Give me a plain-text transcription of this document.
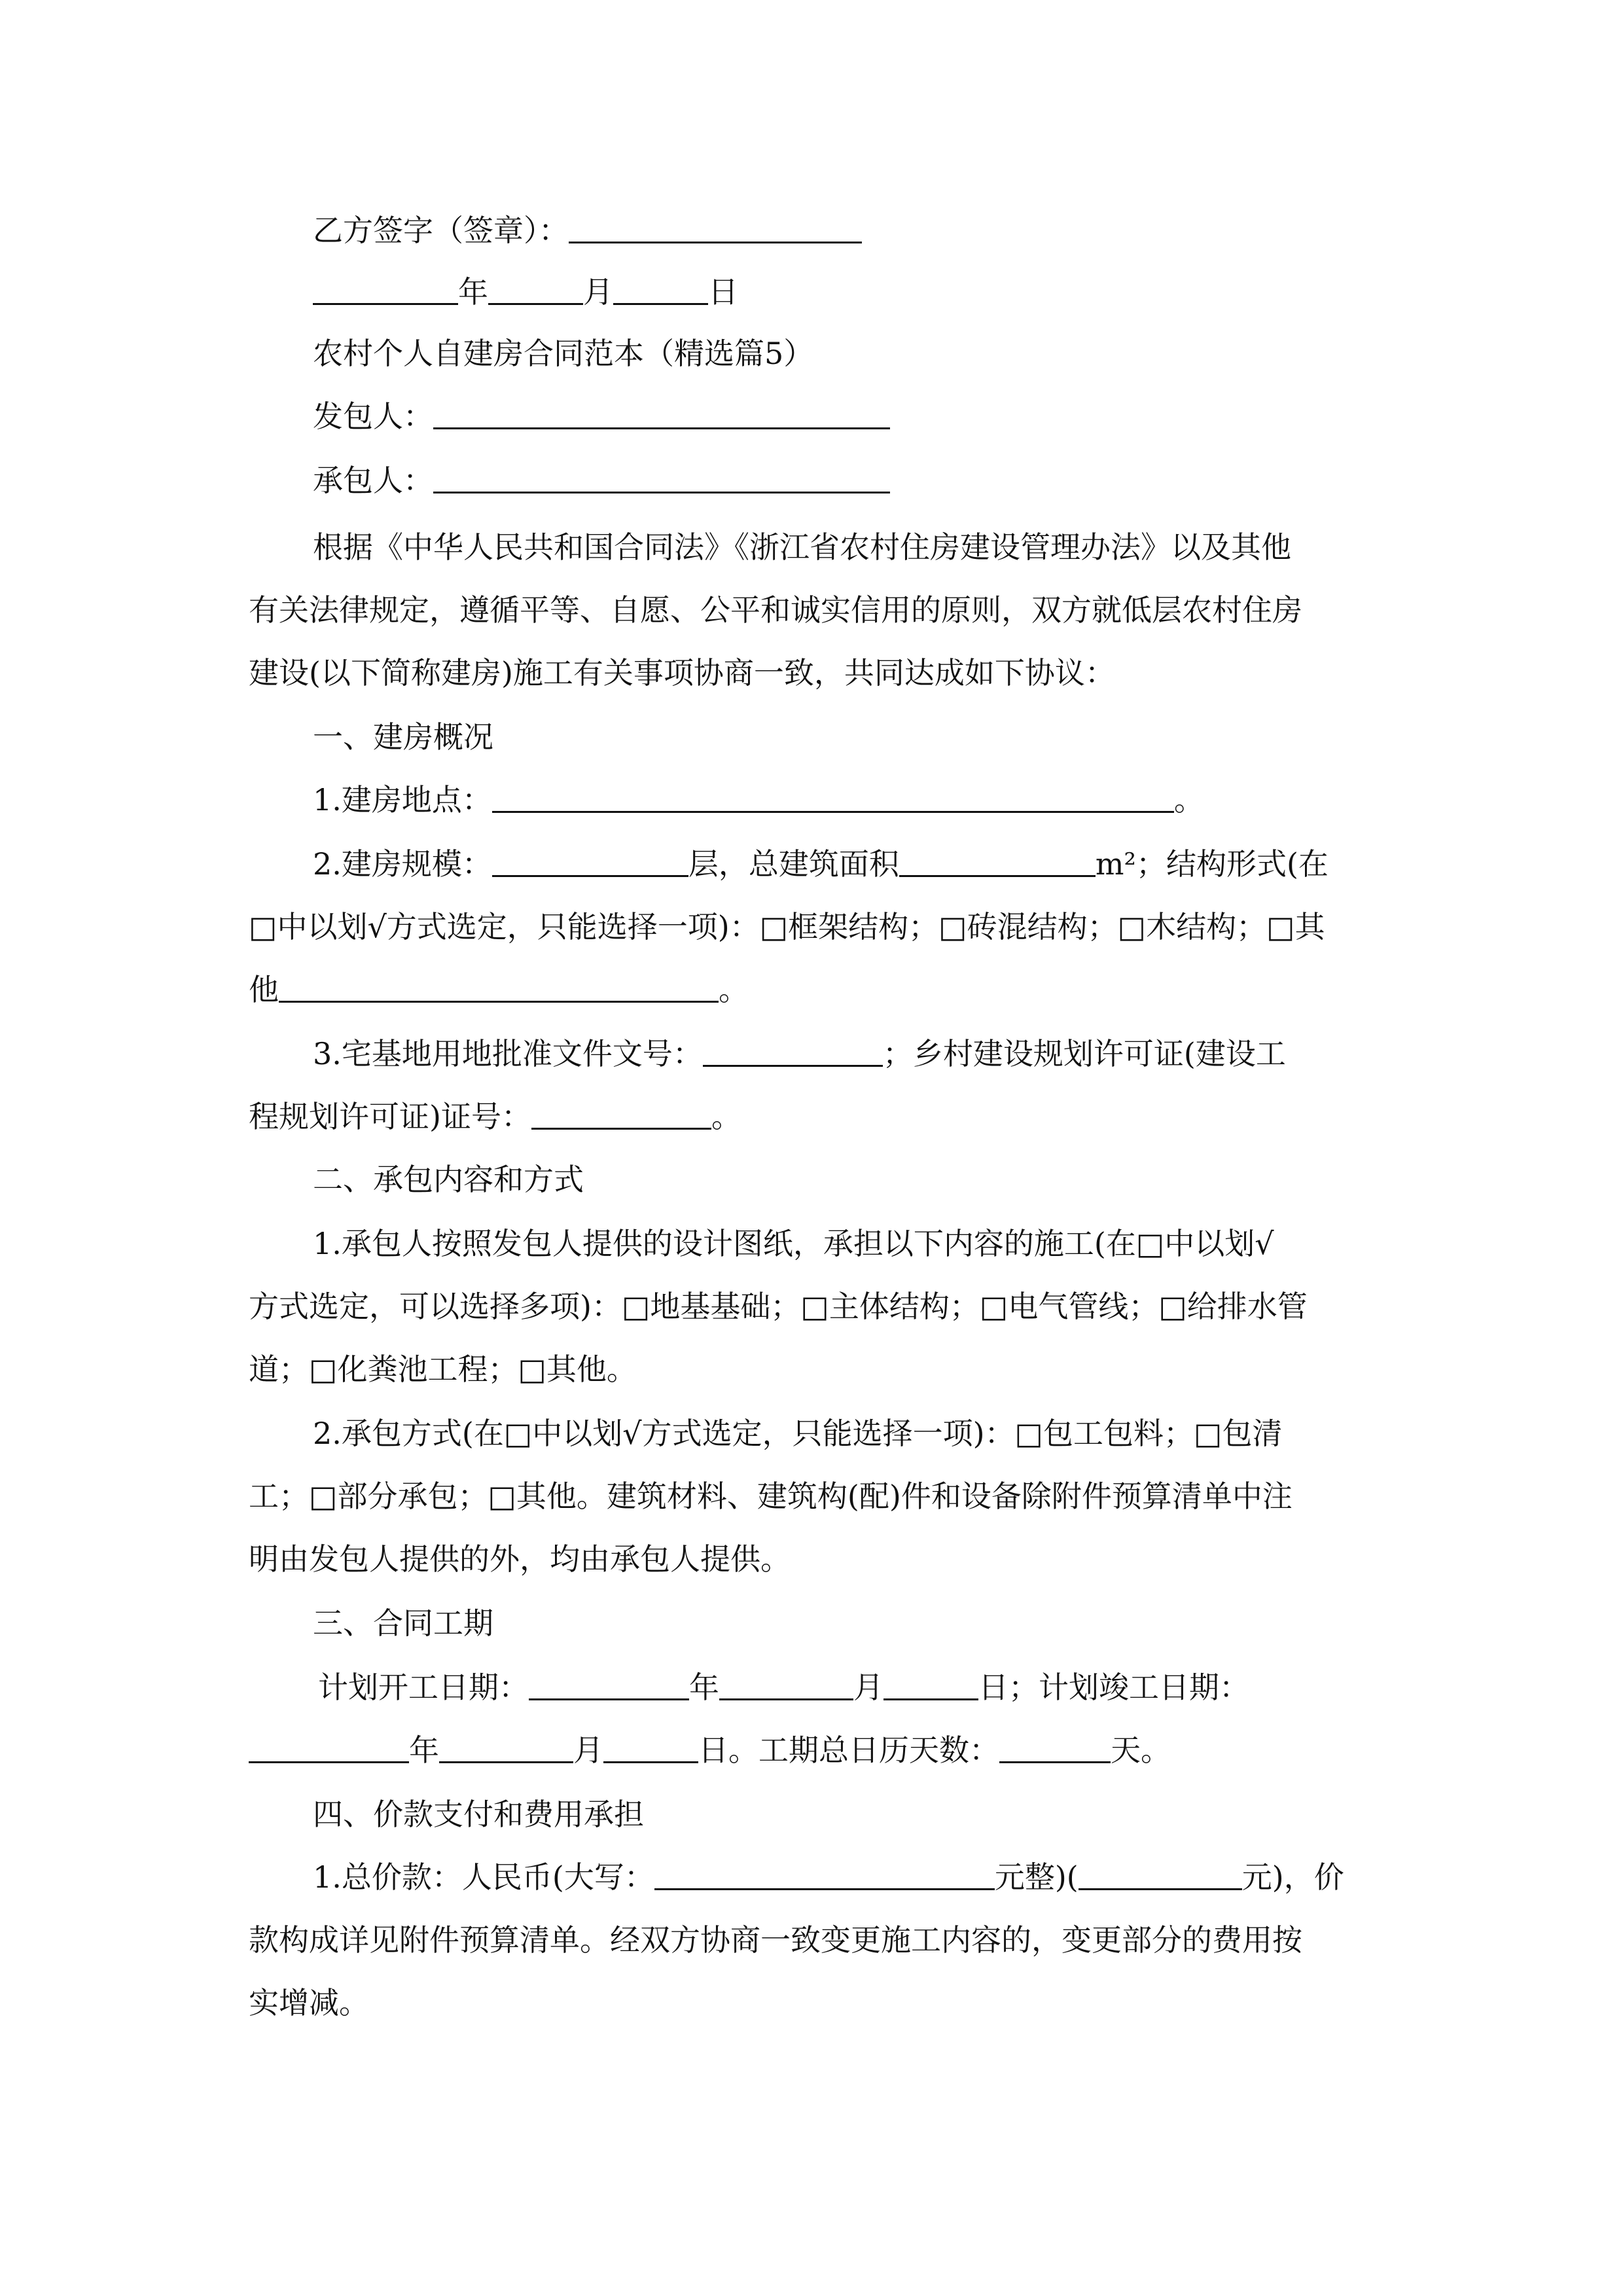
乙方签字（签章）：
年	月	日
农村个人自建房合同范本（精选篇5）
发包人：
承包人：
根据《中华人民共和国合同法》《浙江省农村住房建设管理办法》以及其他
有关法律规定，遵循平等、自愿、公平和诚实信用的原则，双方就低层农村住房
建设(以下简称建房)施工有关事项协商一致，共同达成如下协议：
一、建房概况
1.建房地点：	。
2.建房规模：	层，总建筑面积	m²；结构形式(在
□中以划√方式选定，只能选择一项)：□框架结构；□砖混结构；□木结构；□其
他	。
3.宅基地用地批准文件文号：	；乡村建设规划许可证(建设工
程规划许可证)证号：	。
二、承包内容和方式
1.承包人按照发包人提供的设计图纸，承担以下内容的施工(在□中以划√
方式选定，可以选择多项)：□地基基础；□主体结构；□电气管线；□给排水管
道；□化粪池工程；□其他。
2.承包方式(在□中以划√方式选定，只能选择一项)：□包工包料；□包清
工；□部分承包；□其他。建筑材料、建筑构(配)件和设备除附件预算清单中注
明由发包人提供的外，均由承包人提供。
三、合同工期
计划开工日期：	年	月	日；计划竣工日期：
年	月	日。工期总日历天数：	天。
四、价款支付和费用承担
1.总价款：人民币(大写：	元整)(	元)，价
款构成详见附件预算清单。经双方协商一致变更施工内容的，变更部分的费用按
实增减。
